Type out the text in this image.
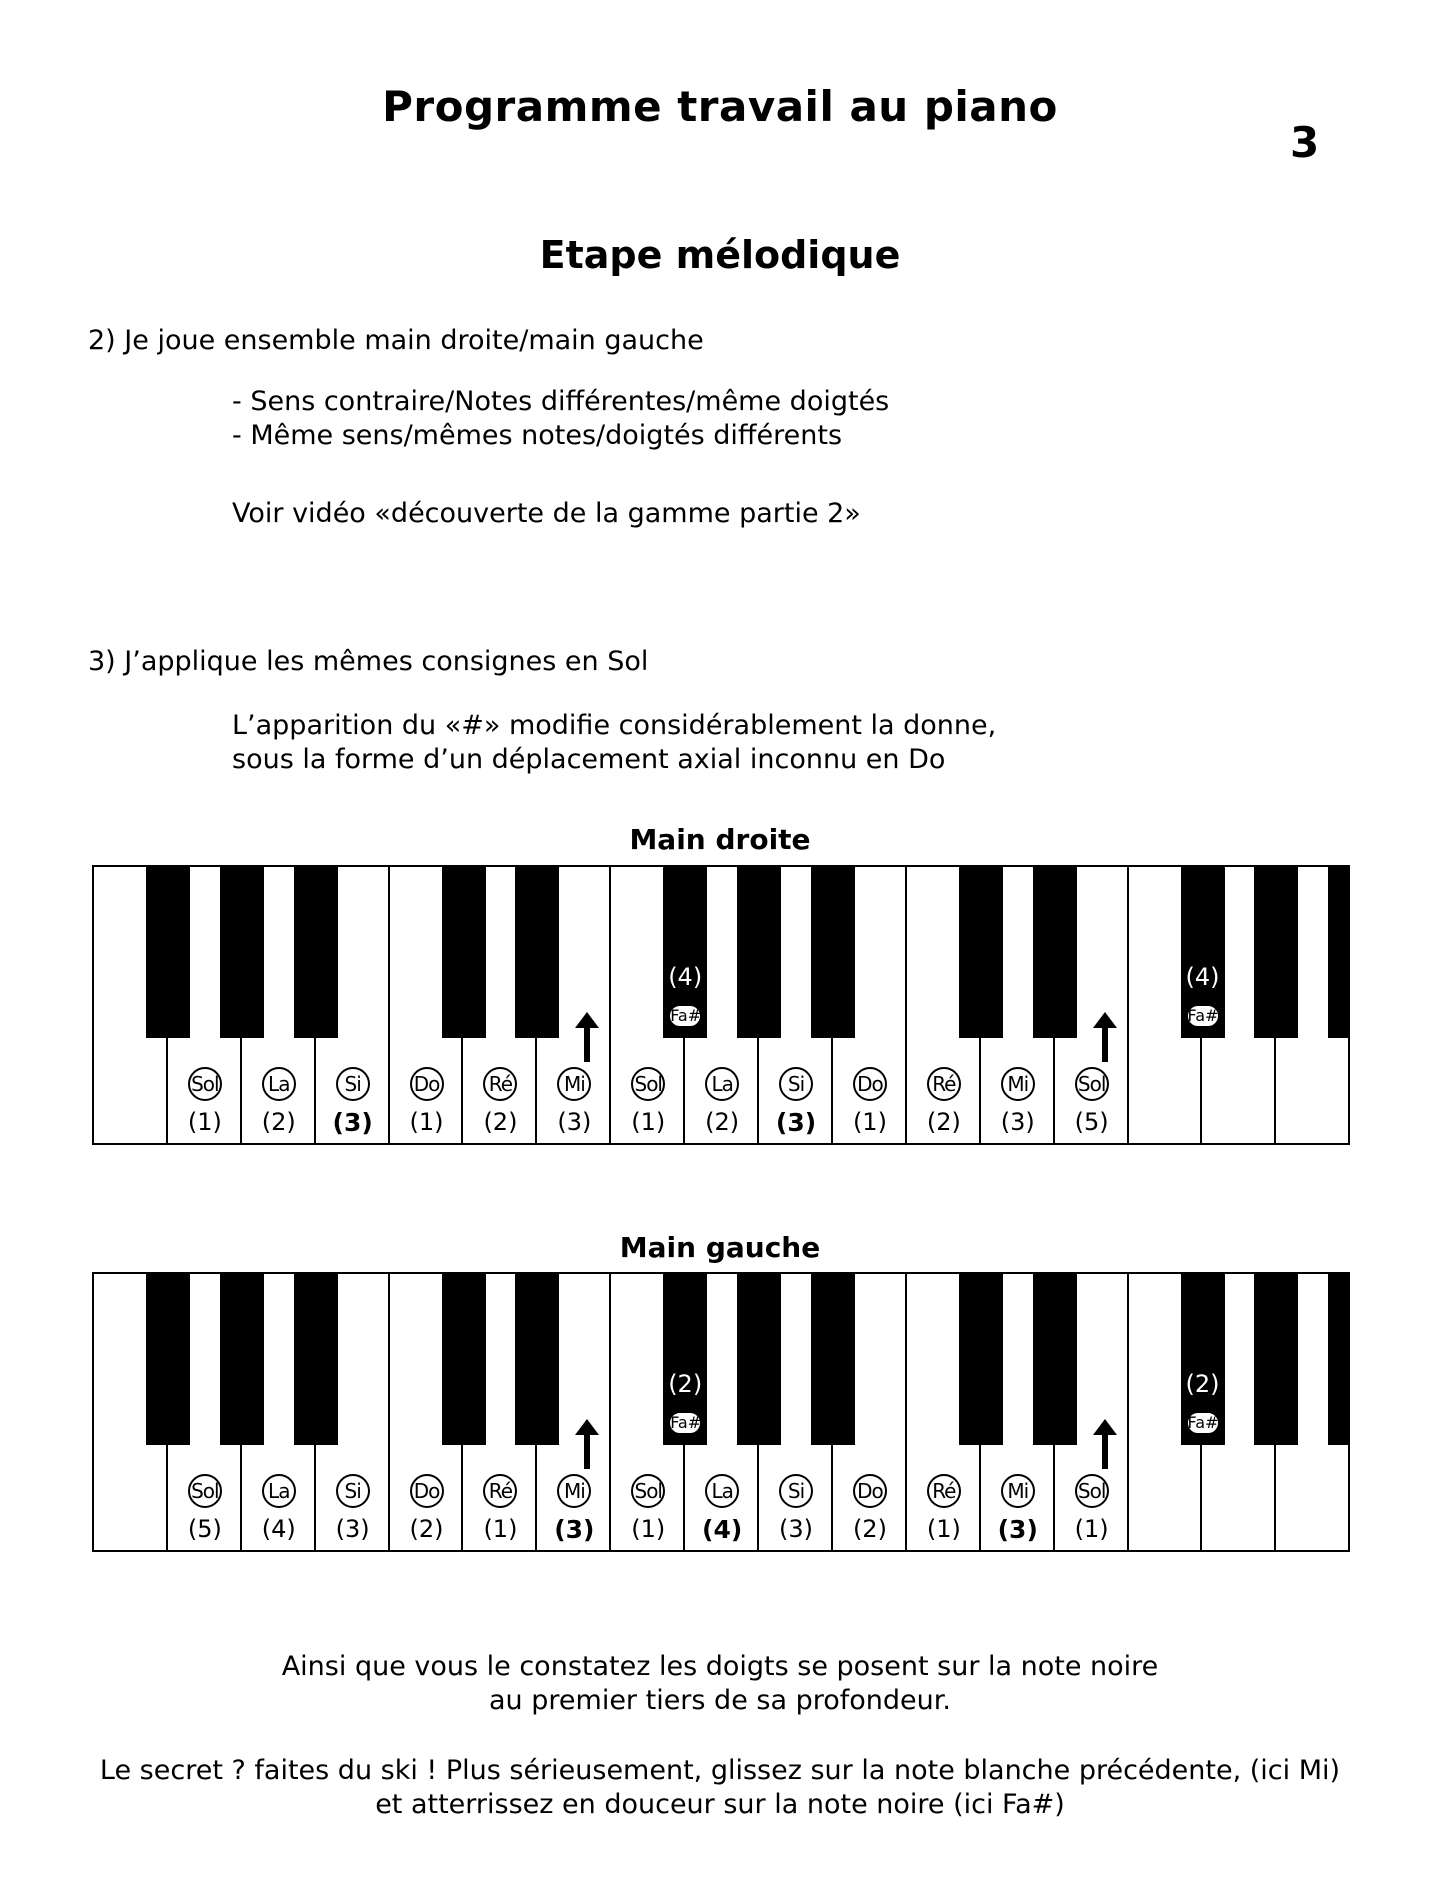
Programme travail au piano
3
Etape mélodique
2) Je joue ensemble main droite/main gauche
- Sens contraire/Notes différentes/même doigtés
- Même sens/mêmes notes/doigtés différents
Voir vidéo «découverte de la gamme partie 2»
3) J’applique les mêmes consignes en Sol
L’apparition du «#» modifie considérablement la donne,
sous la forme d’un déplacement axial inconnu en Do
Main droite
Sol
(1)
La
(2)
Si
(3)
Do
(1)
Ré
(2)
Mi
(3)
Sol
(1)
La
(2)
Si
(3)
Do
(1)
Ré
(2)
Mi
(3)
Sol
(5)
(4)
Fa#
(4)
Fa#
Main gauche
Sol
(5)
La
(4)
Si
(3)
Do
(2)
Ré
(1)
Mi
(3)
Sol
(1)
La
(4)
Si
(3)
Do
(2)
Ré
(1)
Mi
(3)
Sol
(1)
(2)
Fa#
(2)
Fa#
Ainsi que vous le constatez les doigts se posent sur la note noire
au premier tiers de sa profondeur.
Le secret ? faites du ski ! Plus sérieusement, glissez sur la note blanche précédente, (ici Mi)
et atterrissez en douceur sur la note noire (ici Fa#)
